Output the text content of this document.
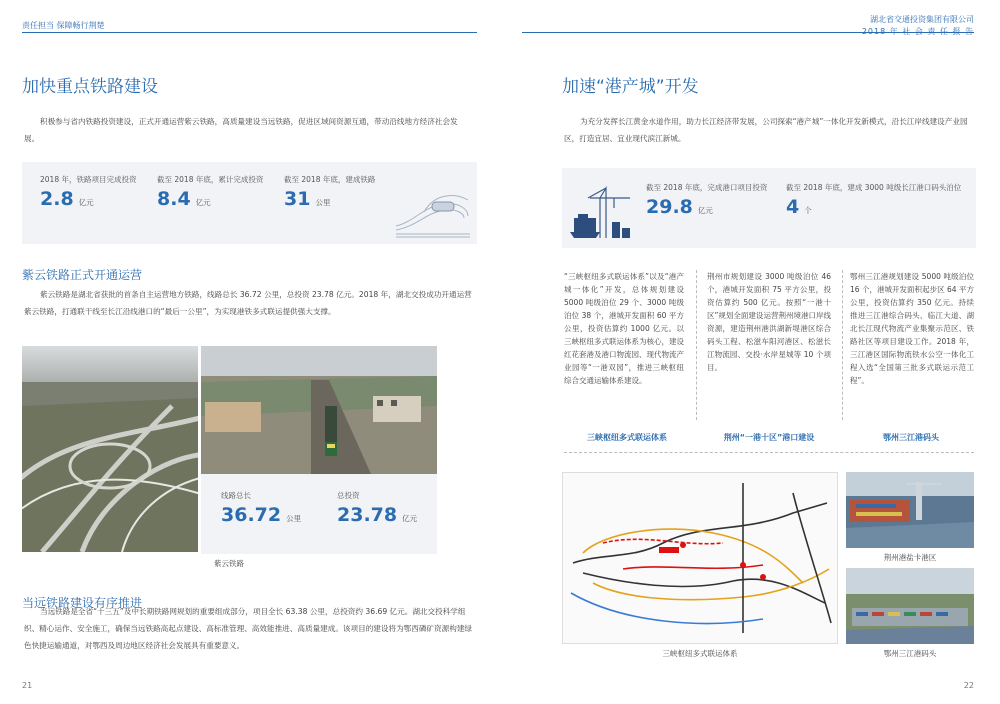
责任担当 保障畅行荆楚
湖北省交通投资集团有限公司
加快重点铁路建设
积极参与省内铁路投资建设，正式开通运营紫云铁路，高质量建设当远铁路，促进区域间资源互通，带动沿线地方经济社会发展。
2018 年，铁路项目完成投资
2.8 亿元
截至 2018 年底，累计完成投资
8.4 亿元
截至 2018 年底，建成铁路
31 公里
紫云铁路正式开通运营
紫云铁路是湖北省获批的首条自主运营地方铁路，线路总长 36.72 公里，总投资 23.78 亿元。2018 年，湖北交投成功开通运营紫云铁路，打通联干线至长江沿线港口的“最后一公里”，为实现港铁多式联运提供强大支撑。
线路总长
36.72 公里
总投资
23.78 亿元
紫云铁路
当远铁路建设有序推进
当远铁路是全省“十三五”及中长期铁路网规划的重要组成部分，项目全长 63.38 公里，总投资约 36.69 亿元。湖北交投科学组织、精心运作、安全施工，确保当远铁路高起点建设、高标准管理、高效能推进、高质量建成。该项目的建设将为鄂西磷矿资源构建绿色快捷运输通道，对鄂西及周边地区经济社会发展具有重要意义。
21
加速“港产城”开发
为充分发挥长江黄金水道作用，助力长江经济带发展，公司探索“港产城”一体化开发新模式，沿长江岸线建设产业园区，打造宜居、宜业现代滨江新城。
截至 2018 年底，完成港口项目投资
29.8 亿元
截至 2018 年底，建成 3000 吨级长江港口码头泊位
4 个
“三峡枢纽多式联运体系”以及“港产城一体化”开发，总体规划建设 5000 吨级泊位 29 个、3000 吨级泊位 38 个，港城开发面积 60 平方公里，投资估算约 1000 亿元。以三峡枢纽多式联运体系为核心，建设红花套港及港口物流园、现代物流产业园等“一港双园”，推进三峡枢纽综合交通运输体系建设。
荆州市规划建设 3000 吨级泊位 46 个，港城开发面积 75 平方公里，投资估算约 500 亿元。按照“一港十区”规划全面建设运营荆州境港口岸线资源，建造荆州港洪湖新堤港区综合码头工程、松滋车阳河港区、松滋长江物流园、交投·水岸星城等 10 个项目。
鄂州三江港规划建设 5000 吨级泊位 16 个，港城开发面积起步区 64 平方公里，投资估算约 350 亿元。持续推进三江港综合码头、临江大道、湖北长江现代物流产业集聚示范区、铁路社区等项目建设工作。2018 年，三江港区国际物流铁水公空一体化工程入选“全国第三批多式联运示范工程”。
三峡枢纽多式联运体系	荆州“一港十区”港口建设	鄂州三江港码头
三峡枢纽多式联运体系
荆州港盐卡港区
鄂州三江港码头
22
